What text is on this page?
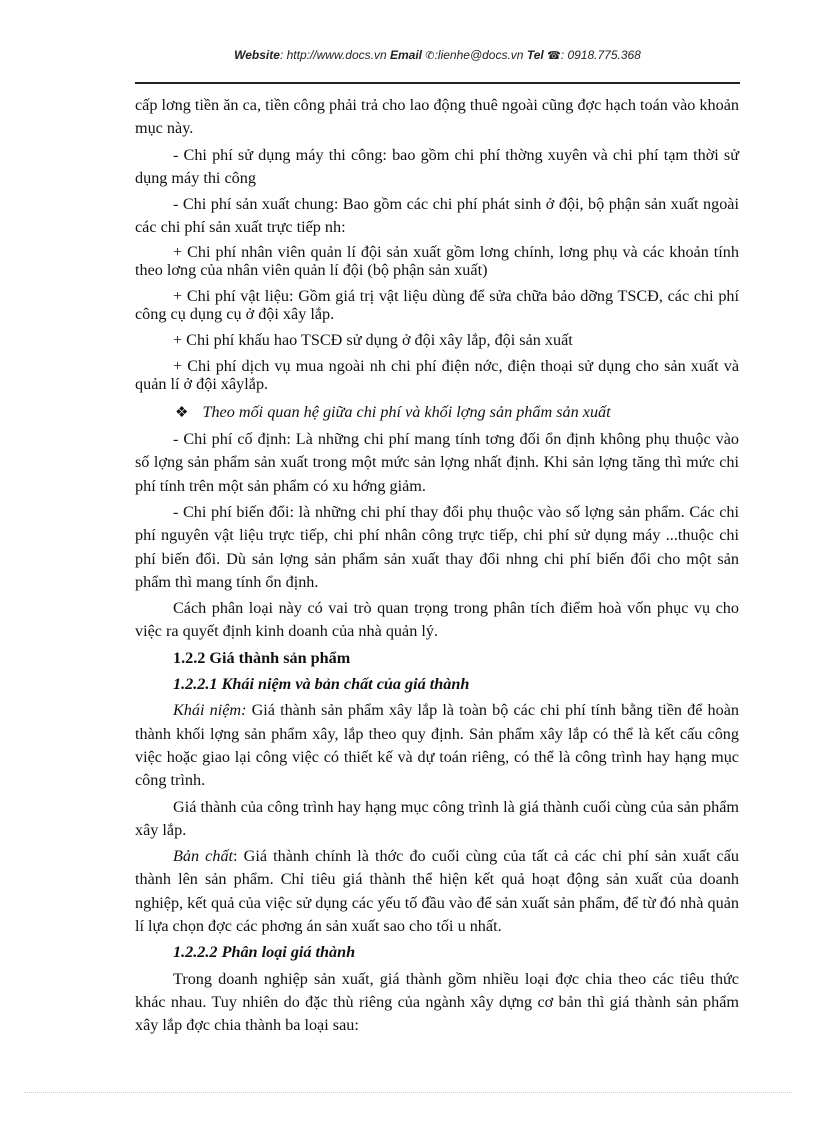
Website: http://www.docs.vn Email ✆:lienhe@docs.vn Tel ☎: 0918.775.368

cấp lơng tiền ăn ca, tiền công phải trả cho lao động thuê ngoài cũng đợc hạch toán vào khoản mục này.

- Chi phí sử dụng máy thi công: bao gồm chi phí thờng xuyên và chi phí tạm thời sử dụng máy thi công

- Chi phí sản xuất chung: Bao gồm các chi phí phát sinh ở đội, bộ phận sản xuất ngoài các chi phí sản xuất trực tiếp nh:

+ Chi phí nhân viên quản lí đội sản xuất gồm lơng chính, lơng phụ và các khoản tính theo lơng của nhân viên quản lí đội (bộ phận sản xuất)

+ Chi phí vật liệu: Gồm giá trị vật liệu dùng để sửa chữa bảo dỡng TSCĐ, các chi phí công cụ dụng cụ ở đội xây lắp.

+ Chi phí khấu hao TSCĐ sử dụng ở đội xây lắp, đội sản xuất

+ Chi phí dịch vụ mua ngoài nh chi phí điện nớc, điện thoại sử dụng cho sản xuất và quản lí ở đội xâylắp.

❖ Theo mối quan hệ giữa chi phí và khối lợng sản phẩm sản xuất

- Chi phí cố định: Là những chi phí mang tính tơng đối ổn định không phụ thuộc vào số lợng sản phẩm sản xuất trong một mức sản lợng nhất định. Khi sản lợng tăng thì mức chi phí tính trên một sản phẩm có xu hớng giảm.

- Chi phí biến đổi: là những chi phí thay đổi phụ thuộc vào số lợng sản phẩm. Các chi phí nguyên vật liệu trực tiếp, chi phí nhân công trực tiếp, chi phí sử dụng máy ...thuộc chi phí biến đổi. Dù sản lợng sản phẩm sản xuất thay đổi nhng chi phí biến đổi cho một sản phẩm thì mang tính ổn định.

Cách phân loại này có vai trò quan trọng trong phân tích điểm hoà vốn phục vụ cho việc ra quyết định kinh doanh của nhà quản lý.

1.2.2 Giá thành sản phẩm

1.2.2.1 Khái niệm và bản chất của giá thành

Khái niệm: Giá thành sản phẩm xây lắp là toàn bộ các chi phí tính bằng tiền để hoàn thành khối lợng sản phẩm xây, lắp theo quy định. Sản phẩm xây lắp có thể là kết cấu công việc hoặc giao lại công việc có thiết kế và dự toán riêng, có thể là công trình hay hạng mục công trình.

Giá thành của công trình hay hạng mục công trình là giá thành cuối cùng của sản phẩm xây lắp.

Bản chất: Giá thành chính là thớc đo cuối cùng của tất cả các chi phí sản xuất cấu thành lên sản phẩm. Chỉ tiêu giá thành thể hiện kết quả hoạt động sản xuất của doanh nghiệp, kết quả của việc sử dụng các yếu tố đầu vào để sản xuất sản phẩm, để từ đó nhà quản lí lựa chọn đợc các phơng án sản xuất sao cho tối u nhất.

1.2.2.2 Phân loại giá thành

Trong doanh nghiệp sản xuất, giá thành gồm nhiều loại đợc chia theo các tiêu thức khác nhau. Tuy nhiên do đặc thù riêng của ngành xây dựng cơ bản thì giá thành sản phẩm xây lắp đợc chia thành ba loại sau:
